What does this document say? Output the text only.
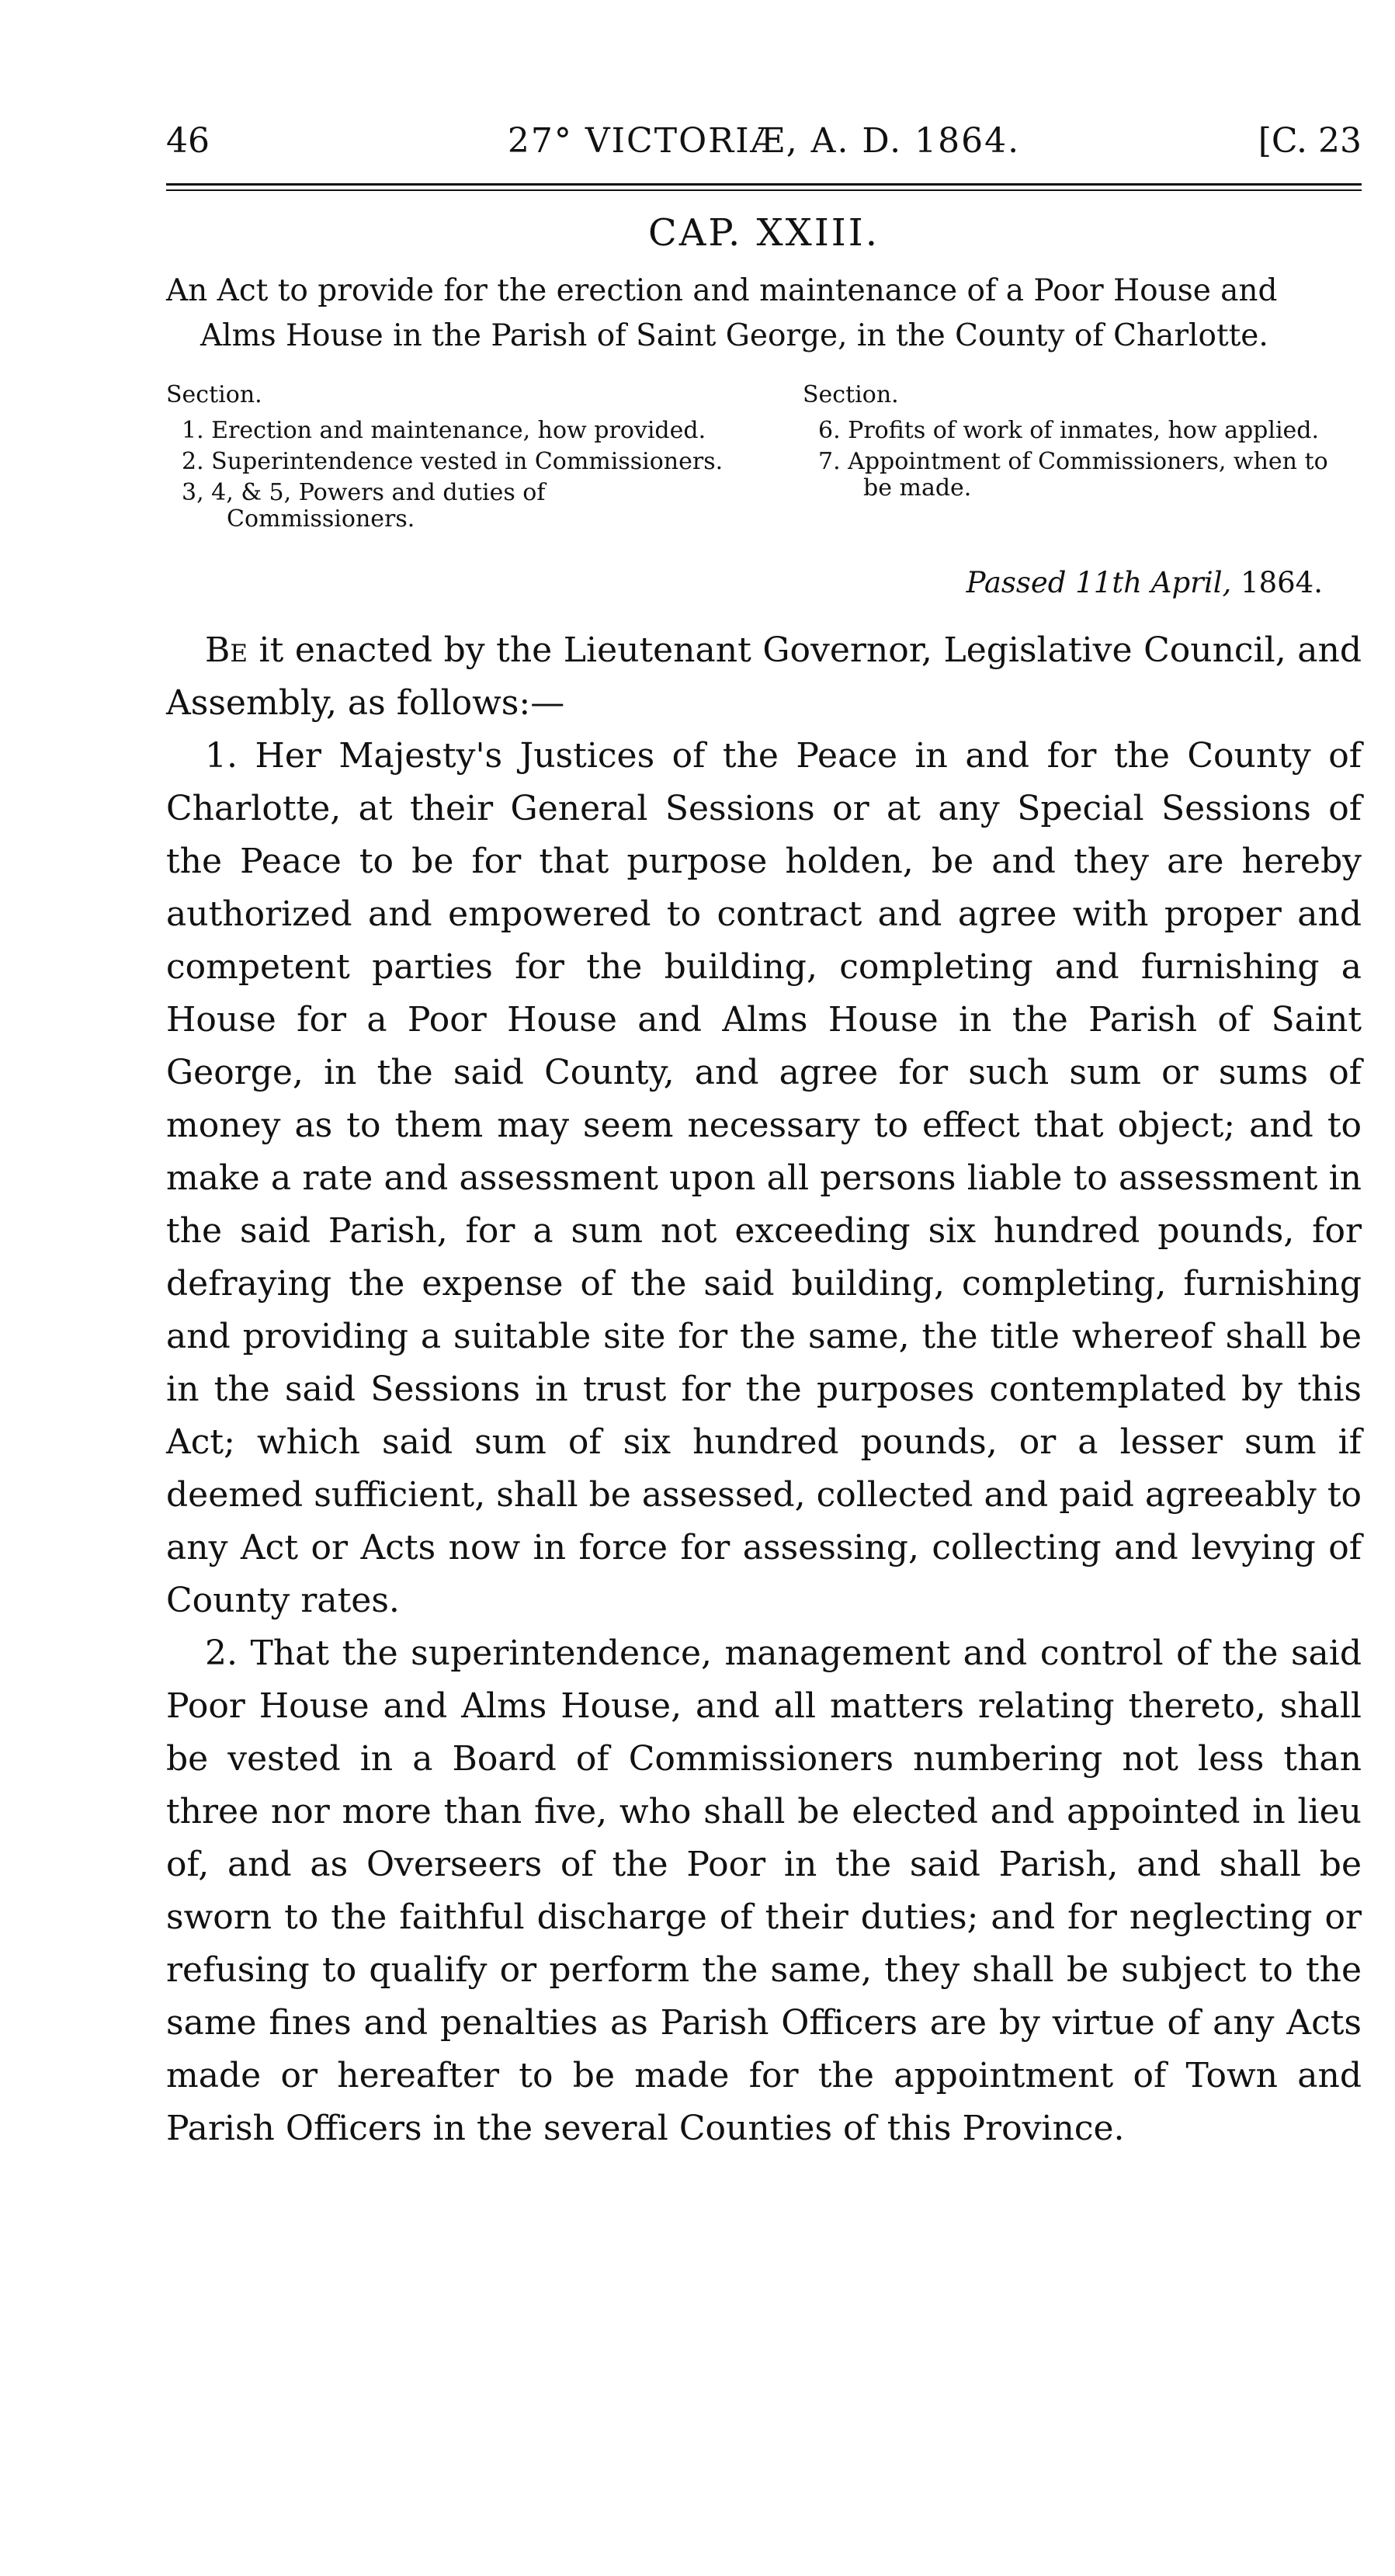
46	27° VICTORIÆ, A. D. 1864.	[C. 23
CAP. XXIII.
An Act to provide for the erection and maintenance of a Poor House and Alms House in the Parish of Saint George, in the County of Charlotte.
Section.
1. Erection and maintenance, how provided.
2. Superintendence vested in Commissioners.
3, 4, & 5, Powers and duties of Commissioners.
Section.
6. Profits of work of inmates, how applied.
7. Appointment of Commissioners, when to be made.
Passed 11th April, 1864.

Be it enacted by the Lieutenant Governor, Legislative Council, and Assembly, as follows:—

1. Her Majesty's Justices of the Peace in and for the County of Charlotte, at their General Sessions or at any Special Sessions of the Peace to be for that purpose holden, be and they are hereby authorized and empowered to contract and agree with proper and competent parties for the building, completing and furnishing a House for a Poor House and Alms House in the Parish of Saint George, in the said County, and agree for such sum or sums of money as to them may seem necessary to effect that object; and to make a rate and assessment upon all persons liable to assessment in the said Parish, for a sum not exceeding six hundred pounds, for defraying the expense of the said building, completing, furnishing and providing a suitable site for the same, the title whereof shall be in the said Sessions in trust for the purposes contemplated by this Act; which said sum of six hundred pounds, or a lesser sum if deemed sufficient, shall be assessed, collected and paid agreeably to any Act or Acts now in force for assessing, collecting and levying of County rates.

2. That the superintendence, management and control of the said Poor House and Alms House, and all matters relating thereto, shall be vested in a Board of Commissioners numbering not less than three nor more than five, who shall be elected and appointed in lieu of, and as Overseers of the Poor in the said Parish, and shall be sworn to the faithful discharge of their duties; and for neglecting or refusing to qualify or perform the same, they shall be subject to the same fines and penalties as Parish Officers are by virtue of any Acts made or hereafter to be made for the appointment of Town and Parish Officers in the several Counties of this Province.
